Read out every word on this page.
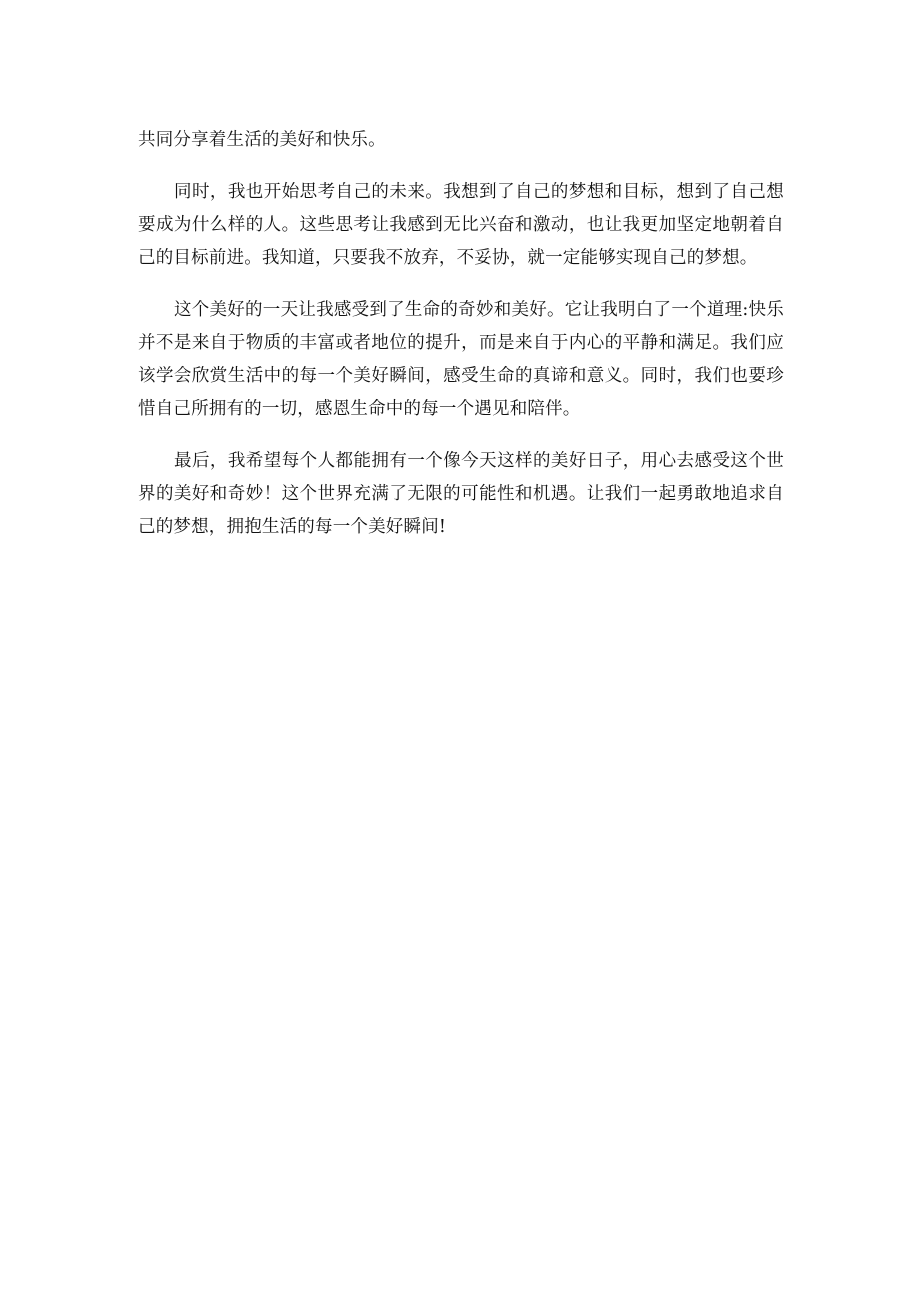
共同分享着生活的美好和快乐。

同时，我也开始思考自己的未来。我想到了自己的梦想和目标，想到了自己想要成为什么样的人。这些思考让我感到无比兴奋和激动，也让我更加坚定地朝着自己的目标前进。我知道，只要我不放弃，不妥协，就一定能够实现自己的梦想。

这个美好的一天让我感受到了生命的奇妙和美好。它让我明白了一个道理:快乐并不是来自于物质的丰富或者地位的提升，而是来自于内心的平静和满足。我们应该学会欣赏生活中的每一个美好瞬间，感受生命的真谛和意义。同时，我们也要珍惜自己所拥有的一切，感恩生命中的每一个遇见和陪伴。

最后，我希望每个人都能拥有一个像今天这样的美好日子，用心去感受这个世界的美好和奇妙！这个世界充满了无限的可能性和机遇。让我们一起勇敢地追求自己的梦想，拥抱生活的每一个美好瞬间!
